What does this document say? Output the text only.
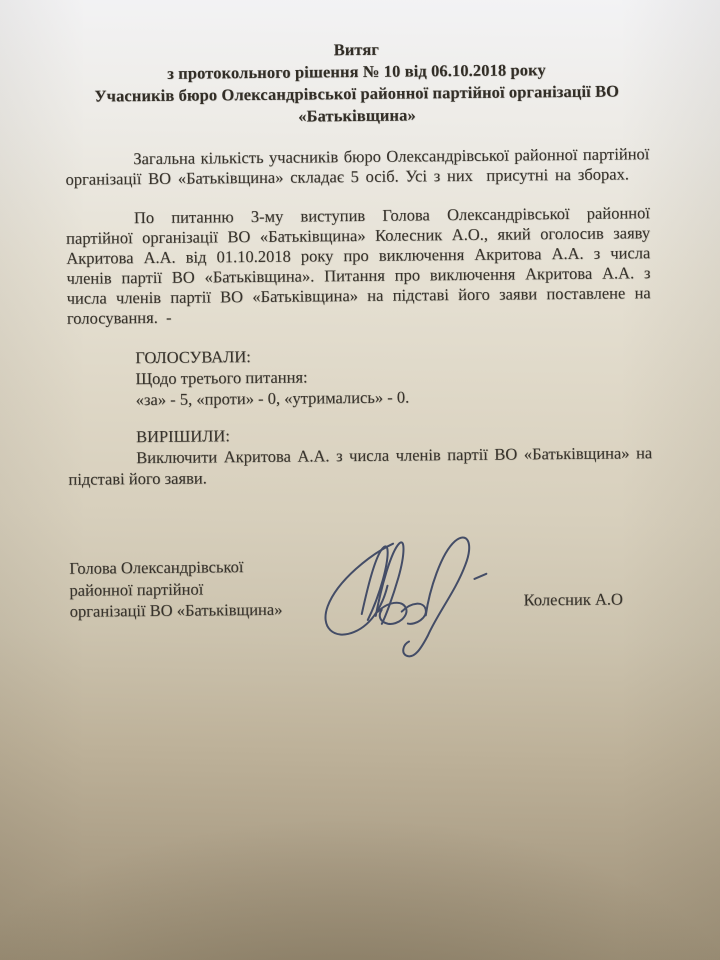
Витяг
з протокольного рішення № 10 від 06.10.2018 року
Учасників бюро Олександрівської районної партійної організації ВО
«Батьківщина»
Загальна кількість учасників бюро Олександрівської районної партійної
організації ВО «Батьківщина» складає 5 осіб. Усі з них  присутні на зборах.
По питанню 3-му виступив Голова Олександрівської районної
партійної організації ВО «Батьківщина» Колесник А.О., який оголосив заяву
Акритова А.А. від 01.10.2018 року про виключення Акритова А.А. з числа
членів партії ВО «Батьківщина». Питання про виключення Акритова А.А. з
числа членів партії ВО «Батьківщина» на підставі його заяви поставлене на
голосування.  -
ГОЛОСУВАЛИ:
Щодо третього питання:
«за» - 5, «проти» - 0, «утримались» - 0.
ВИРІШИЛИ:
Виключити Акритова А.А. з числа членів партії ВО «Батьківщина» на
підставі його заяви.
Голова Олександрівської
районної партійної
організації ВО «Батьківщина»
Колесник А.О
